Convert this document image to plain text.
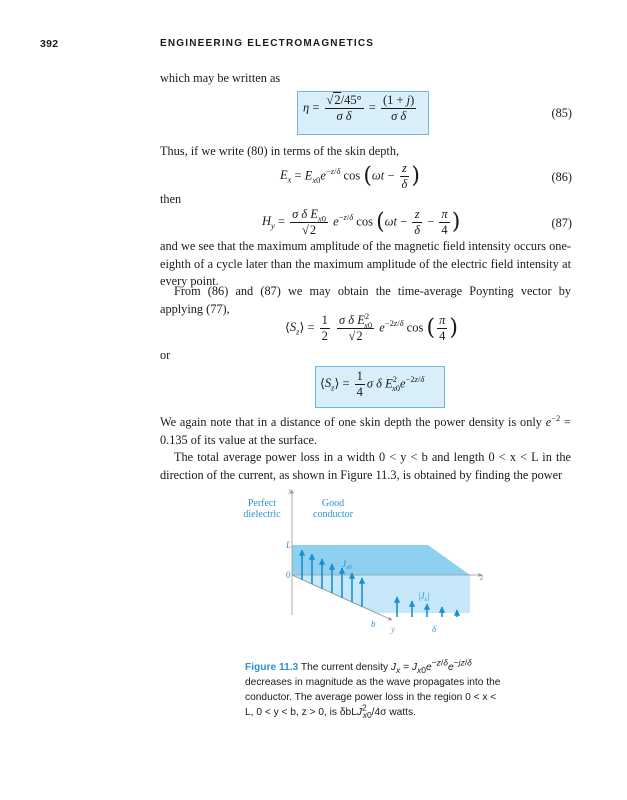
392	ENGINEERING ELECTROMAGNETICS
which may be written as
$\eta = \frac{√2/45^\circ}{\text{σ δ}} = \frac{(1 + j)}{\text{σ δ}}$	(85)
Thus, if we write (80) in terms of the skin depth,
$E_x = E_{x0}e^{-z/\delta}$ $\cos (\omega t - \frac{z}{\delta}$ )	(86)
then
$H_y = \frac{\sigma \delta E_{x0}}{√2} e^{-z/\delta}$ $\cos (\omega t - \frac{z}{\delta} - \frac{\pi}{4}$ )	(87)
and we see that the maximum amplitude of the magnetic field intensity occurs one-eighth of a cycle later than the maximum amplitude of the electric field intensity at every point.
From (86) and (87) we may obtain the time-average Poynting vector by applying (77),
$⟨S_z⟩ = \frac{1}{2}$
$\frac{\sigma \delta E^2_{x0}}{√2} e^{-2z/\delta}$ cos ( $\frac{\pi}{4}$ )
or
$⟨S_z⟩ = \frac{1}{4}$ σ δ $E^2_{x0}e^{-2z/\delta}$
We again note that in a distance of one skin depth the power density is only $e^{-2} = 0.135$ of its value at the surface.
The total average power loss in a width 0 < y < b and length 0 < x < L in the direction of the current, as shown in Figure 11.3, is obtained by finding the power
Perfect
dielectric
Good
conductor
x
z
y
L
0
b	δ
$J_{x0}$
$|J_x|$
Figure 11.3 The current density $J_x = J_{x0}e^{-z/\delta}e^{-jz/\delta}$ decreases in magnitude as the wave propagates into the conductor. The average power loss in the region 0 < x < L, 0 < y < b, z > 0, is δbLJ$^2_{x0}$/4σ watts.
